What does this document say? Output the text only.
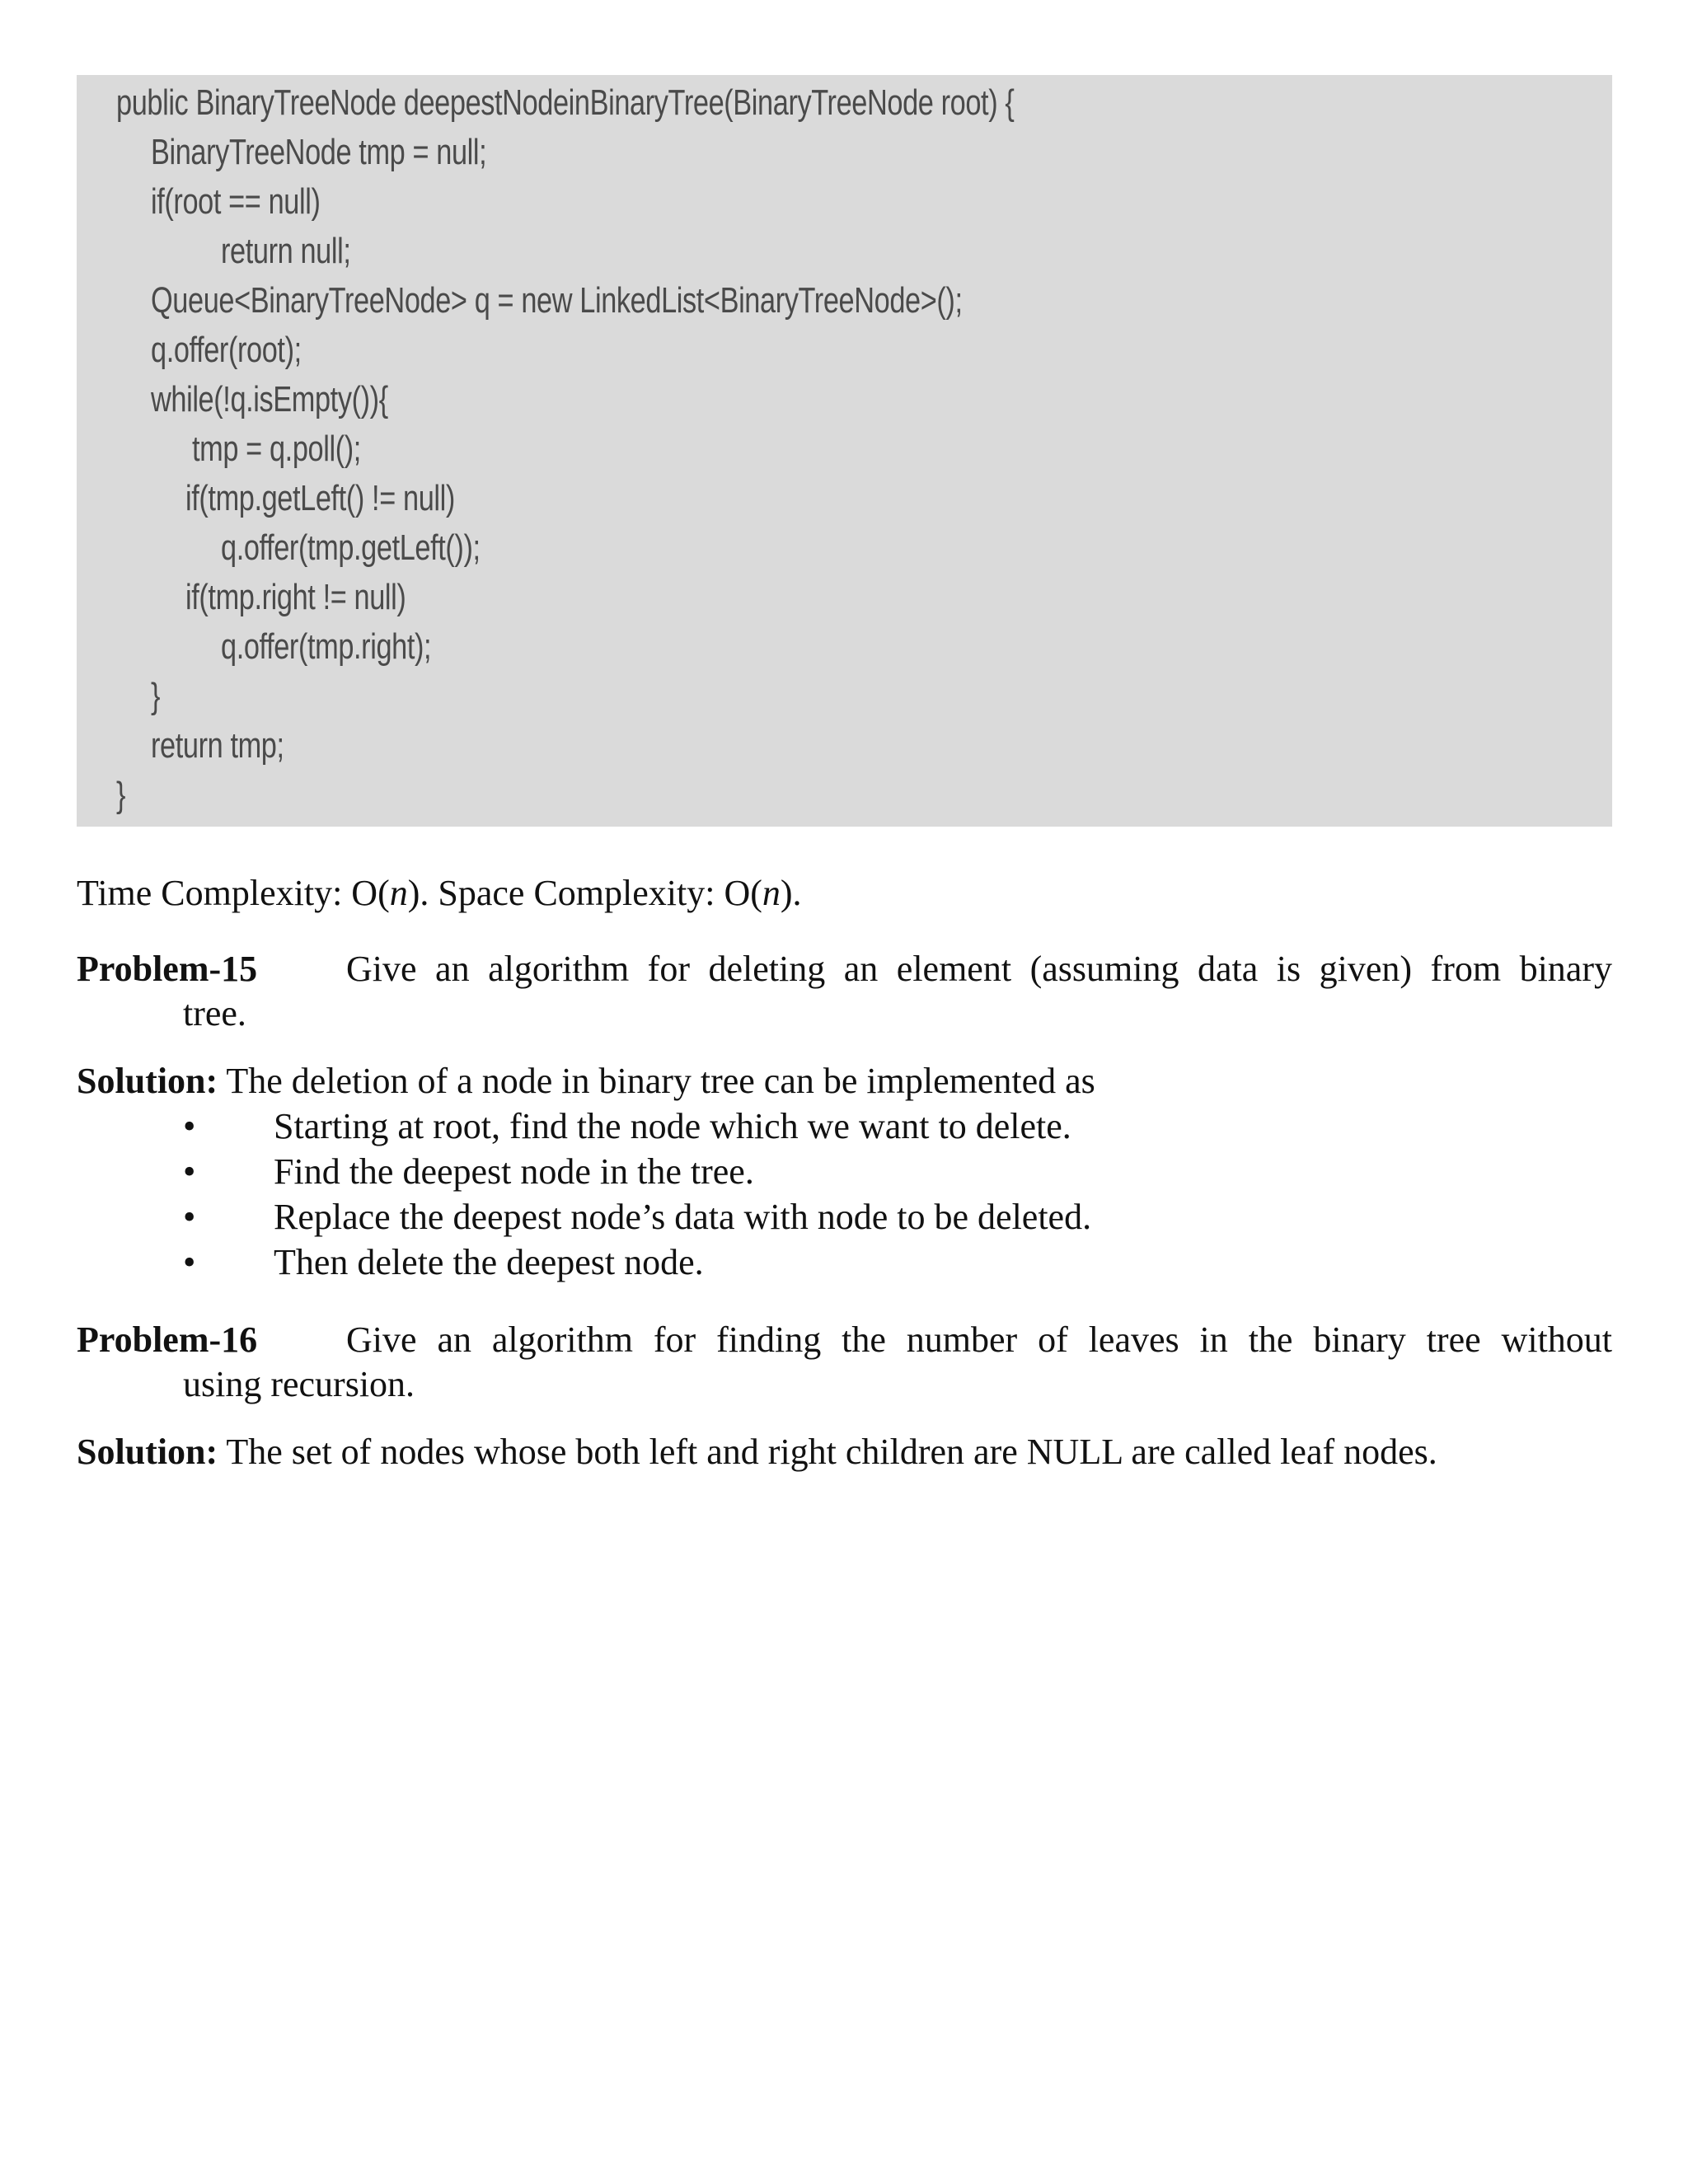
public BinaryTreeNode deepestNodeinBinaryTree(BinaryTreeNode root) {
BinaryTreeNode tmp = null;
if(root == null)
return null;
Queue<BinaryTreeNode> q = new LinkedList<BinaryTreeNode>();
q.offer(root);
while(!q.isEmpty()){
tmp = q.poll();
if(tmp.getLeft() != null)
q.offer(tmp.getLeft());
if(tmp.right != null)
q.offer(tmp.right);
}
return tmp;
}
Time Complexity: O(n). Space Complexity: O(n).
Problem-15 Give an algorithm for deleting an element (assuming data is given) from binary
tree.
Solution: The deletion of a node in binary tree can be implemented as
• Starting at root, find the node which we want to delete.
• Find the deepest node in the tree.
• Replace the deepest node’s data with node to be deleted.
• Then delete the deepest node.
Problem-16 Give an algorithm for finding the number of leaves in the binary tree without
using recursion.
Solution: The set of nodes whose both left and right children are NULL are called leaf nodes.
